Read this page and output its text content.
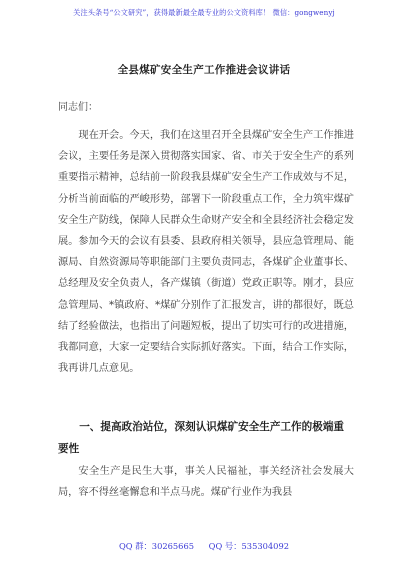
关注头条号“公文研究”，获得最新最全最专业的公文资料库！ 微信：gongwenyj
全县煤矿安全生产工作推进会议讲话
同志们：

现在开会。今天，我们在这里召开全县煤矿安全生产工作推进会议，主要任务是深入贯彻落实国家、省、市关于安全生产的系列重要指示精神，总结前一阶段我县煤矿安全生产工作成效与不足，分析当前面临的严峻形势，部署下一阶段重点工作，全力筑牢煤矿安全生产防线，保障人民群众生命财产安全和全县经济社会稳定发展。参加今天的会议有县委、县政府相关领导，县应急管理局、能源局、自然资源局等职能部门主要负责同志，各煤矿企业董事长、总经理及安全负责人，各产煤镇（街道）党政正职等。刚才，县应急管理局、*镇政府、*煤矿分别作了汇报发言，讲的都很好，既总结了经验做法，也指出了问题短板，提出了切实可行的改进措施，我都同意，大家一定要结合实际抓好落实。下面，结合工作实际，我再讲几点意见。

一、提高政治站位，深刻认识煤矿安全生产工作的极端重要性

安全生产是民生大事，事关人民福祉，事关经济社会发展大局，容不得丝毫懈怠和半点马虎。煤矿行业作为我县

QQ 群：30265665 QQ 号：535304092
